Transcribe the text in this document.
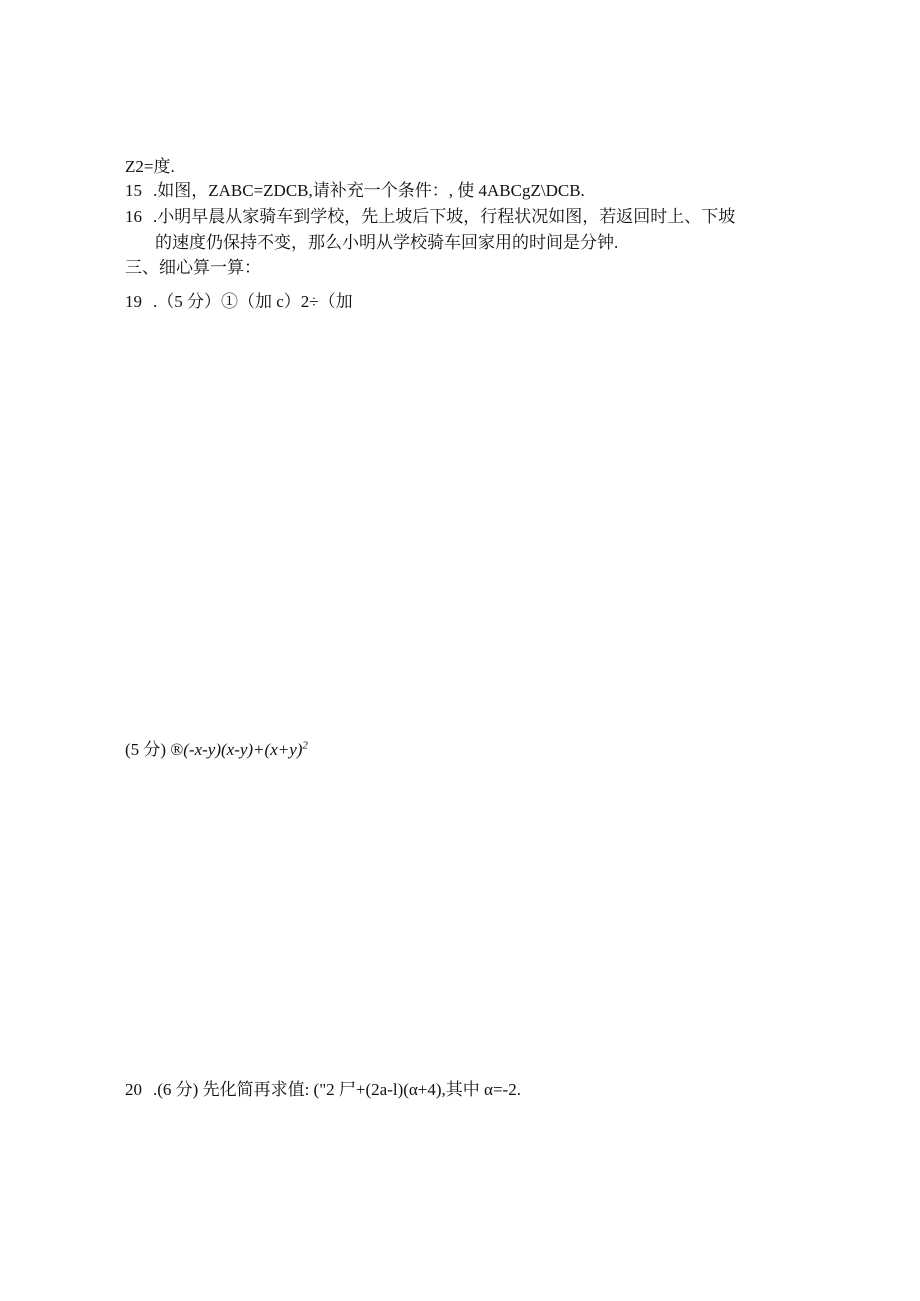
Z2=度.
15 .如图，ZABC=ZDCB,请补充一个条件：, 使 4ABCgZ\DCB.
16 .小明早晨从家骑车到学校，先上坡后下坡，行程状况如图，若返回时上、下坡
的速度仍保持不变，那么小明从学校骑车回家用的时间是分钟.
三、细心算一算：
19 .（5 分）①（加 c）2÷（加
(5 分) $®(-x-y)(x-y)+(x+y)^2$
20 .(6 分) 先化简再求值: ("2 尸+(2a-l)(α+4),其中 α=-2.
